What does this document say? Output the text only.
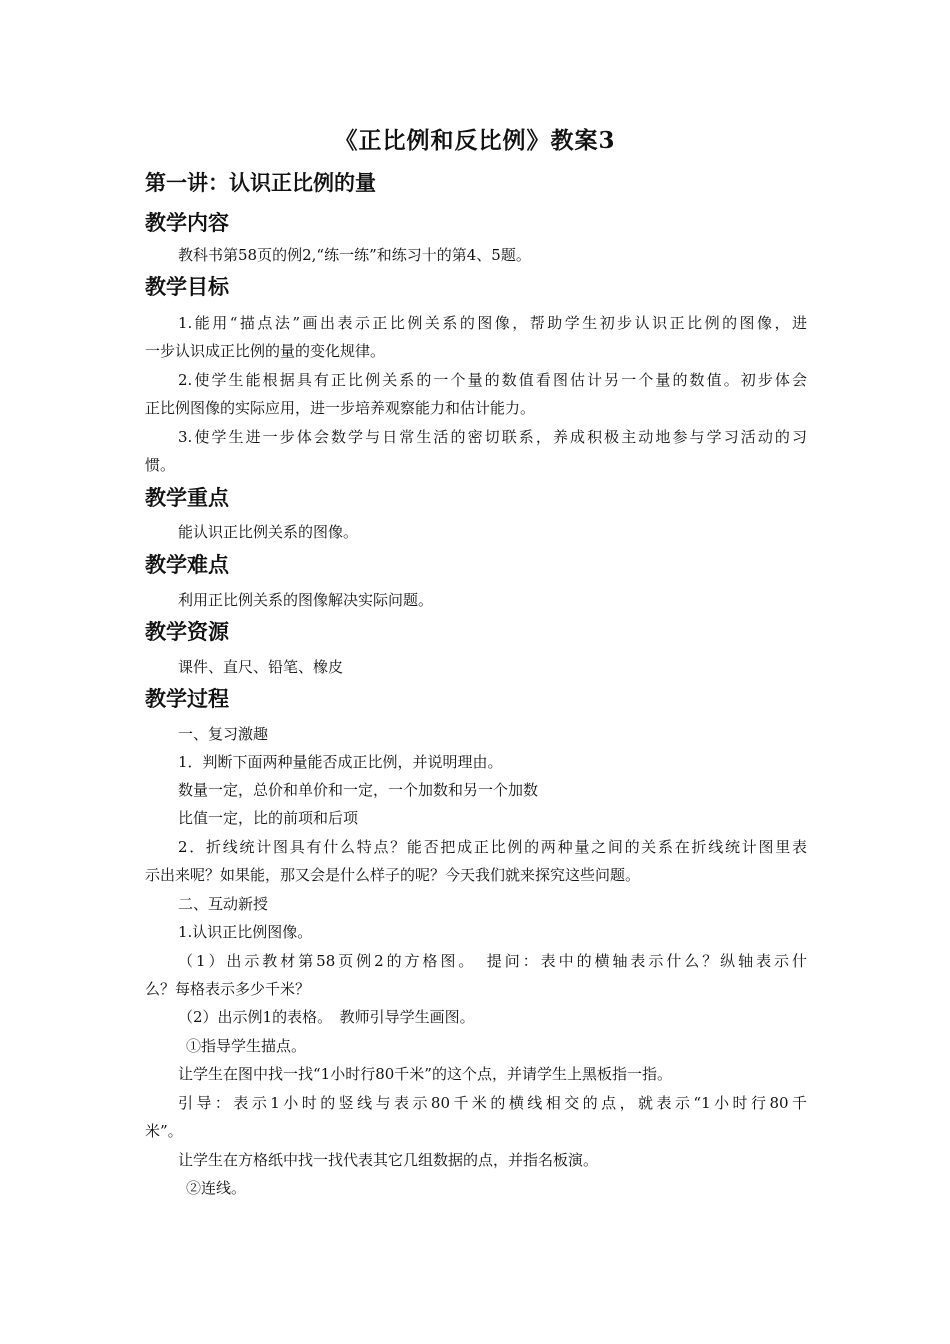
《正比例和反比例》教案3
第一讲：认识正比例的量
教学内容
教科书第58页的例2,“练一练”和练习十的第4、5题。
教学目标
1.能用“描点法”画出表示正比例关系的图像，帮助学生初步认识正比例的图像，进
一步认识成正比例的量的变化规律。
2.使学生能根据具有正比例关系的一个量的数值看图估计另一个量的数值。初步体会
正比例图像的实际应用，进一步培养观察能力和估计能力。
3.使学生进一步体会数学与日常生活的密切联系，养成积极主动地参与学习活动的习
惯。
教学重点
能认识正比例关系的图像。
教学难点
利用正比例关系的图像解决实际问题。
教学资源
课件、直尺、铅笔、橡皮
教学过程
一、复习激趣
1．判断下面两种量能否成正比例，并说明理由。
数量一定，总价和单价和一定，一个加数和另一个加数
比值一定，比的前项和后项
2．折线统计图具有什么特点？能否把成正比例的两种量之间的关系在折线统计图里表
示出来呢？如果能，那又会是什么样子的呢？今天我们就来探究这些问题。
二、互动新授
1.认识正比例图像。
（1）出示教材第58页例2的方格图。　提问：表中的横轴表示什么？纵轴表示什
么？每格表示多少千米？
（2）出示例1的表格。　教师引导学生画图。
①指导学生描点。
让学生在图中找一找“1小时行80千米”的这个点，并请学生上黑板指一指。
引导：表示1小时的竖线与表示80千米的横线相交的点，就表示“1小时行80千
米”。
让学生在方格纸中找一找代表其它几组数据的点，并指名板演。
②连线。
